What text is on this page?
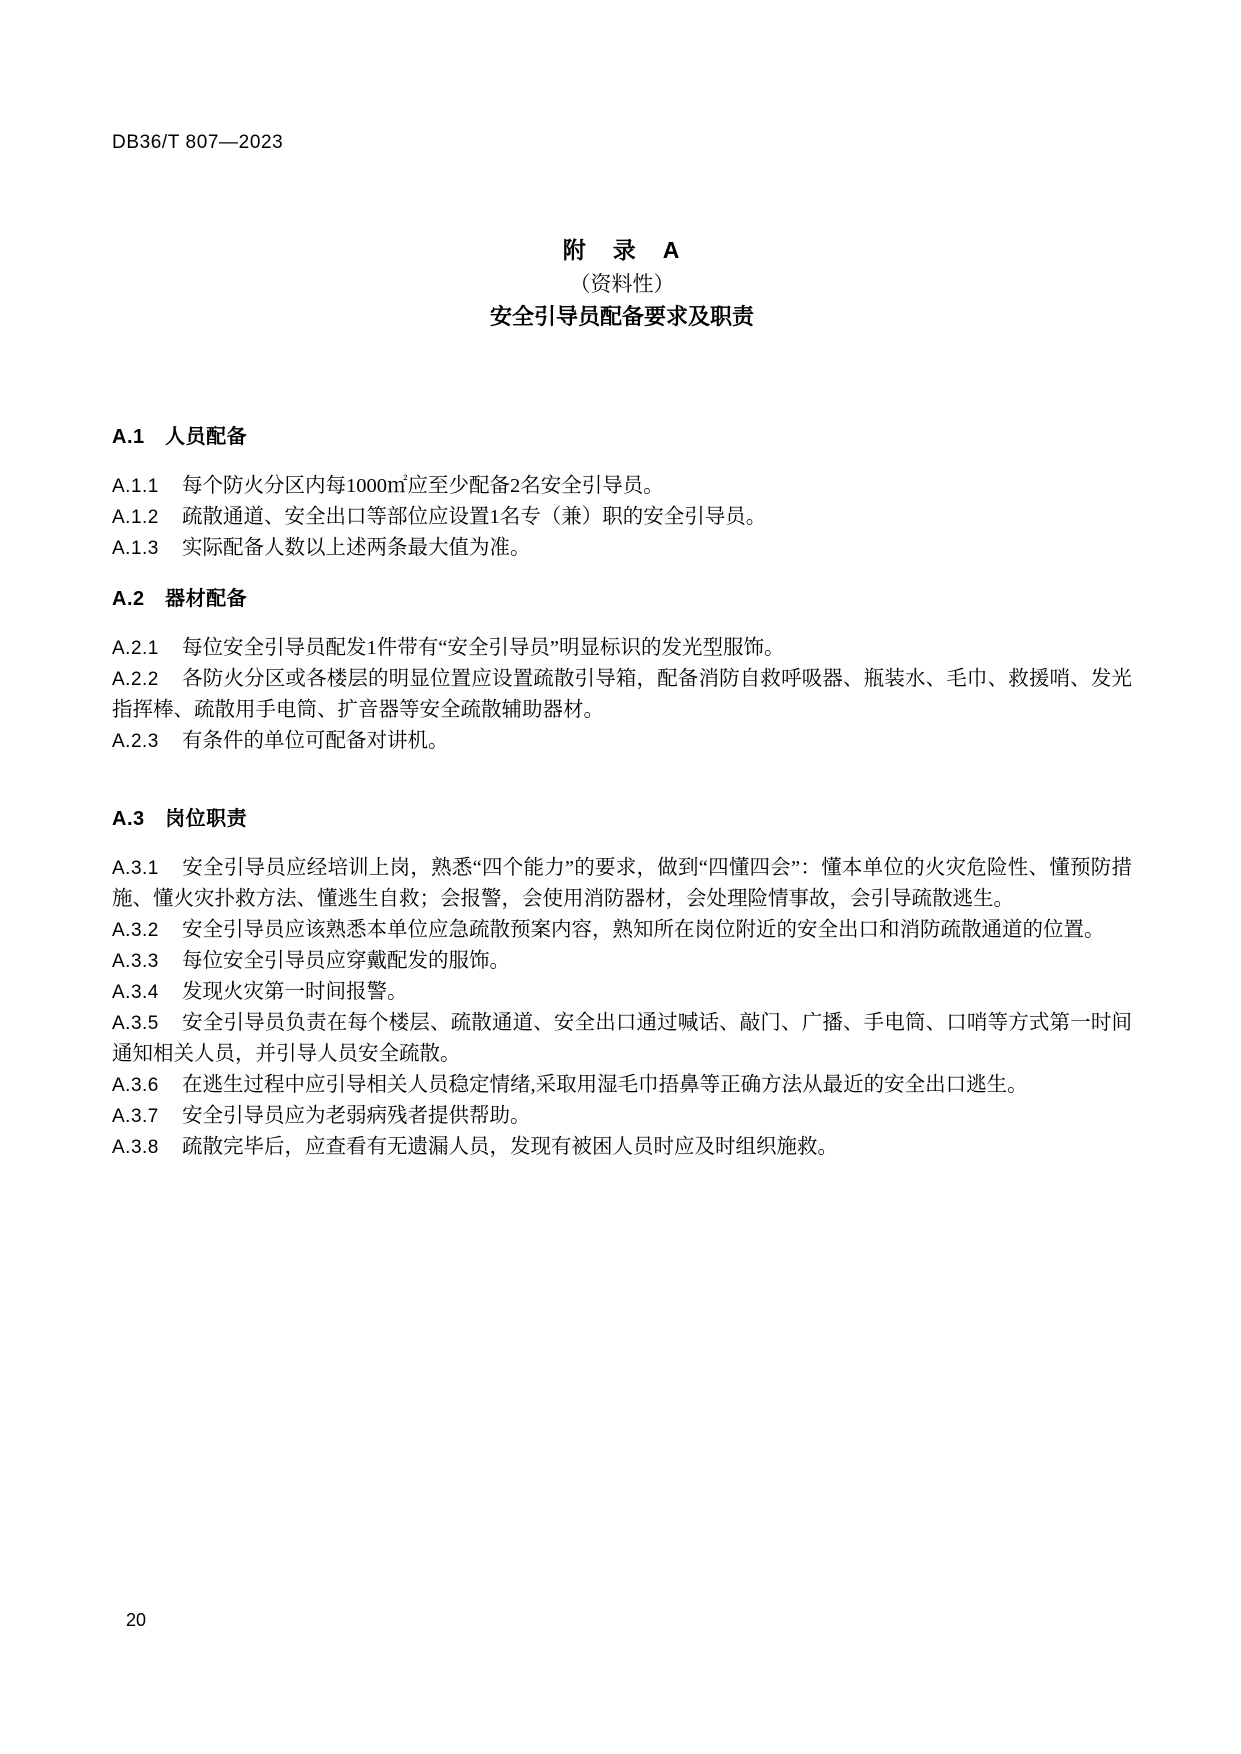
DB36/T 807—2023
附　录　A
（资料性）
安全引导员配备要求及职责
A.1　人员配备

A.1.1 每个防火分区内每1000㎡应至少配备2名安全引导员。

A.1.2 疏散通道、安全出口等部位应设置1名专（兼）职的安全引导员。

A.1.3 实际配备人数以上述两条最大值为准。

A.2　器材配备

A.2.1 每位安全引导员配发1件带有“安全引导员”明显标识的发光型服饰。

A.2.2 各防火分区或各楼层的明显位置应设置疏散引导箱，配备消防自救呼吸器、瓶装水、毛巾、救援哨、发光指挥棒、疏散用手电筒、扩音器等安全疏散辅助器材。

A.2.3 有条件的单位可配备对讲机。

A.3　岗位职责

A.3.1 安全引导员应经培训上岗，熟悉“四个能力”的要求，做到“四懂四会”：懂本单位的火灾危险性、懂预防措施、懂火灾扑救方法、懂逃生自救；会报警，会使用消防器材，会处理险情事故，会引导疏散逃生。

A.3.2 安全引导员应该熟悉本单位应急疏散预案内容，熟知所在岗位附近的安全出口和消防疏散通道的位置。

A.3.3 每位安全引导员应穿戴配发的服饰。

A.3.4 发现火灾第一时间报警。

A.3.5 安全引导员负责在每个楼层、疏散通道、安全出口通过喊话、敲门、广播、手电筒、口哨等方式第一时间通知相关人员，并引导人员安全疏散。

A.3.6 在逃生过程中应引导相关人员稳定情绪,采取用湿毛巾捂鼻等正确方法从最近的安全出口逃生。

A.3.7 安全引导员应为老弱病残者提供帮助。

A.3.8 疏散完毕后，应查看有无遗漏人员，发现有被困人员时应及时组织施救。

20
